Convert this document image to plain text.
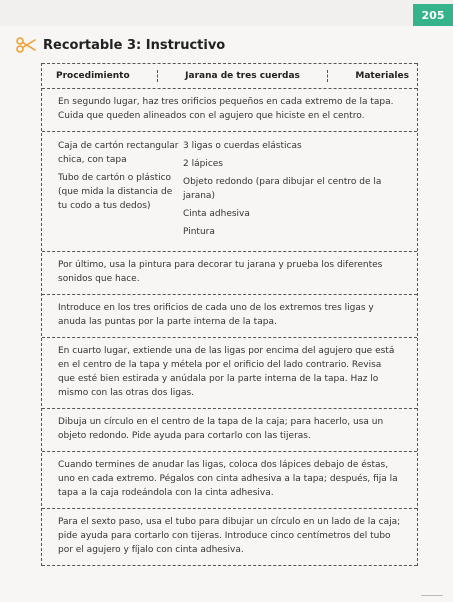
205
Recortable 3: Instructivo
Procedimiento	Jarana de tres cuerdas	Materiales
En segundo lugar, haz tres orificios pequeños en cada extremo de la tapa. Cuida que queden alineados con el agujero que hiciste en el centro.
Caja de cartón rectangular chica, con tapa
Tubo de cartón o plástico (que mida la distancia de tu codo a tus dedos)
3 ligas o cuerdas elásticas
2 lápices
Objeto redondo (para dibujar el centro de la jarana)
Cinta adhesiva
Pintura
Por último, usa la pintura para decorar tu jarana y prueba los diferentes sonidos que hace.
Introduce en los tres orificios de cada uno de los extremos tres ligas y anuda las puntas por la parte interna de la tapa.
En cuarto lugar, extiende una de las ligas por encima del agujero que está en el centro de la tapa y métela por el orificio del lado contrario. Revisa que esté bien estirada y anúdala por la parte interna de la tapa. Haz lo mismo con las otras dos ligas.
Dibuja un círculo en el centro de la tapa de la caja; para hacerlo, usa un objeto redondo. Pide ayuda para cortarlo con las tijeras.
Cuando termines de anudar las ligas, coloca dos lápices debajo de éstas, uno en cada extremo. Pégalos con cinta adhesiva a la tapa; después, fija la tapa a la caja rodeándola con la cinta adhesiva.
Para el sexto paso, usa el tubo para dibujar un círculo en un lado de la caja; pide ayuda para cortarlo con tijeras. Introduce cinco centímetros del tubo por el agujero y fíjalo con cinta adhesiva.
